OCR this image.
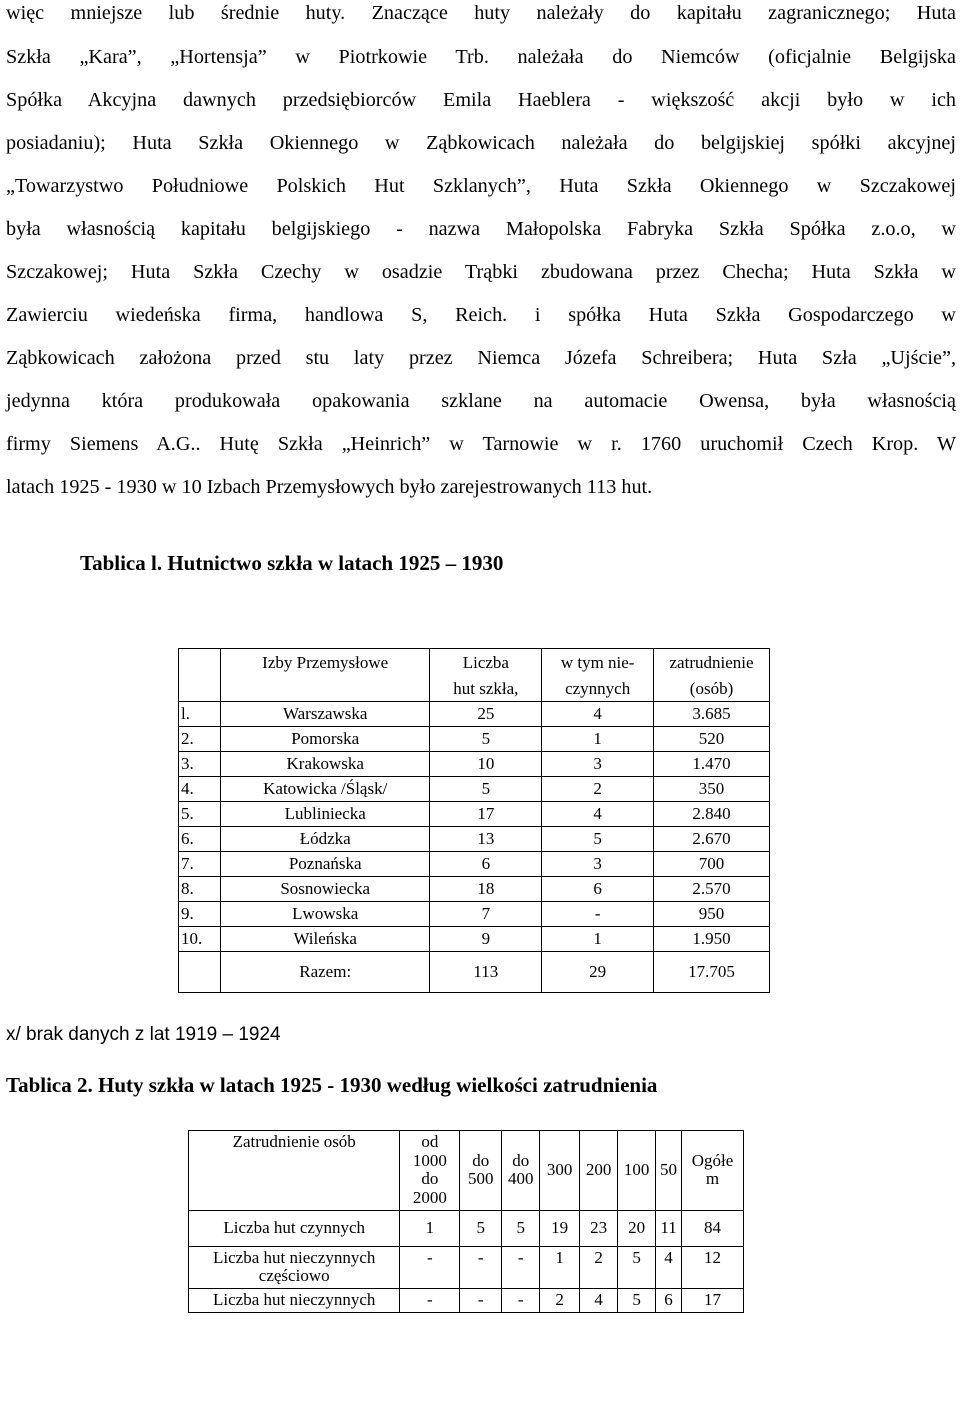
więc mniejsze lub średnie huty. Znaczące huty należały do kapitału zagranicznego; Huta
Szkła „Kara”, „Hortensja” w Piotrkowie Trb. należała do Niemców (oficjalnie Belgijska
Spółka Akcyjna dawnych przedsiębiorców Emila Haeblera - większość akcji było w ich
posiadaniu); Huta Szkła Okiennego w Ząbkowicach należała do belgijskiej spółki akcyjnej
„Towarzystwo Południowe Polskich Hut Szklanych”, Huta Szkła Okiennego w Szczakowej
była własnością kapitału belgijskiego - nazwa Małopolska Fabryka Szkła Spółka z.o.o, w
Szczakowej; Huta Szkła Czechy w osadzie Trąbki zbudowana przez Checha; Huta Szkła w
Zawierciu wiedeńska firma, handlowa S, Reich. i spółka Huta Szkła Gospodarczego w
Ząbkowicach założona przed stu laty przez Niemca Józefa Schreibera; Huta Szła „Ujście”,
jedynna która produkowała opakowania szklane na automacie Owensa, była własnością
firmy Siemens A.G.. Hutę Szkła „Heinrich” w Tarnowie w r. 1760 uruchomił Czech Krop. W
latach 1925 - 1930 w 10 Izbach Przemysłowych było zarejestrowanych 113 hut.
Tablica l. Hutnictwo szkła w latach 1925 – 1930
	Izby Przemysłowe	Liczba	w tym nie-	zatrudnienie
		hut szkła,	czynnych	(osób)
l.	Warszawska	25	4	3.685
2.	Pomorska	5	1	520
3.	Krakowska	10	3	1.470
4.	Katowicka /Śląsk/	5	2	350
5.	Lubliniecka	17	4	2.840
6.	Łódzka	13	5	2.670
7.	Poznańska	6	3	700
8.	Sosnowiecka	18	6	2.570
9.	Lwowska	7	-	950
10.	Wileńska	9	1	1.950
	Razem:	113	29	17.705
x/ brak danych z lat 1919 – 1924
Tablica 2. Huty szkła w latach 1925 - 1930 według wielkości zatrudnienia
Zatrudnienie osób	od 1000 do 2000	do 500	do 400	300	200	100	50	Ogółe m
Liczba hut czynnych	1	5	5	19	23	20	11	84
Liczba hut nieczynnych częściowo	-	-	-	1	2	5	4	12
Liczba hut nieczynnych	-	-	-	2	4	5	6	17
